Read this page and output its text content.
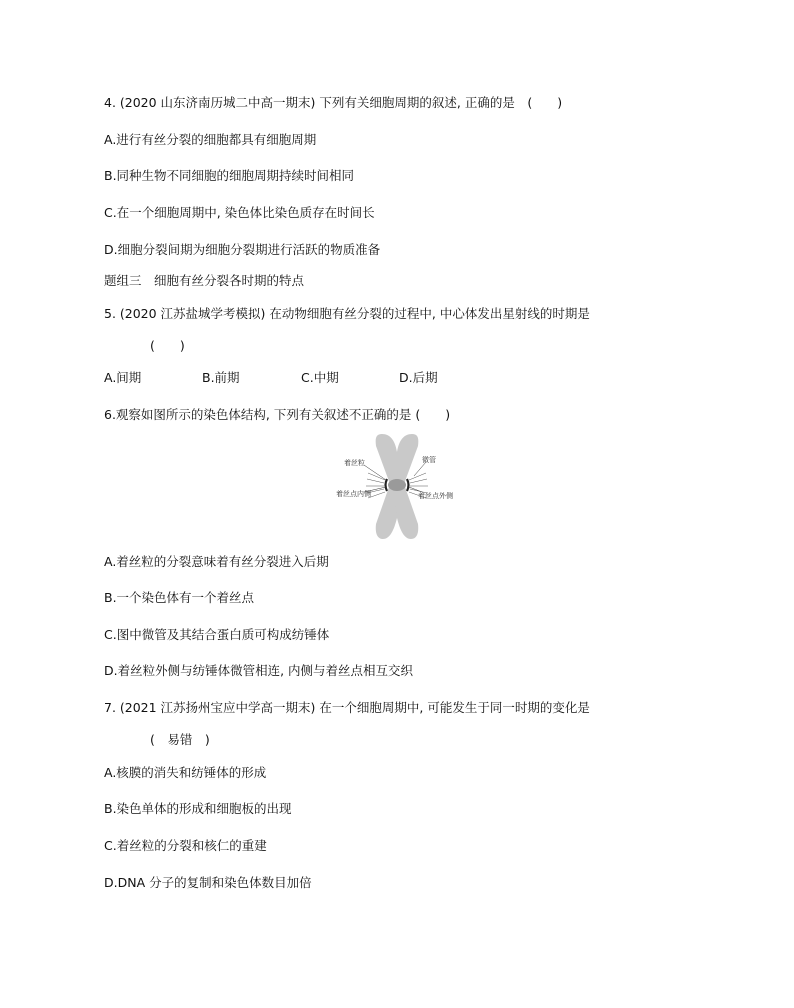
4. (2020 山东济南历城二中高一期末) 下列有关细胞周期的叙述, 正确的是　(　　)
A.进行有丝分裂的细胞都具有细胞周期
B.同种生物不同细胞的细胞周期持续时间相同
C.在一个细胞周期中, 染色体比染色质存在时间长
D.细胞分裂间期为细胞分裂期进行活跃的物质准备
题组三　细胞有丝分裂各时期的特点
5. (2020 江苏盐城学考模拟) 在动物细胞有丝分裂的过程中, 中心体发出星射线的时期是
(　　)
A.间期	B.前期	C.中期	D.后期
6.观察如图所示的染色体结构, 下列有关叙述不正确的是 (　　)
着丝粒
着丝点内侧
微管
着丝点外侧
A.着丝粒的分裂意味着有丝分裂进入后期
B.一个染色体有一个着丝点
C.图中微管及其结合蛋白质可构成纺锤体
D.着丝粒外侧与纺锤体微管相连, 内侧与着丝点相互交织
7. (2021 江苏扬州宝应中学高一期末) 在一个细胞周期中, 可能发生于同一时期的变化是
(　易错　)
A.核膜的消失和纺锤体的形成
B.染色单体的形成和细胞板的出现
C.着丝粒的分裂和核仁的重建
D.DNA 分子的复制和染色体数目加倍
